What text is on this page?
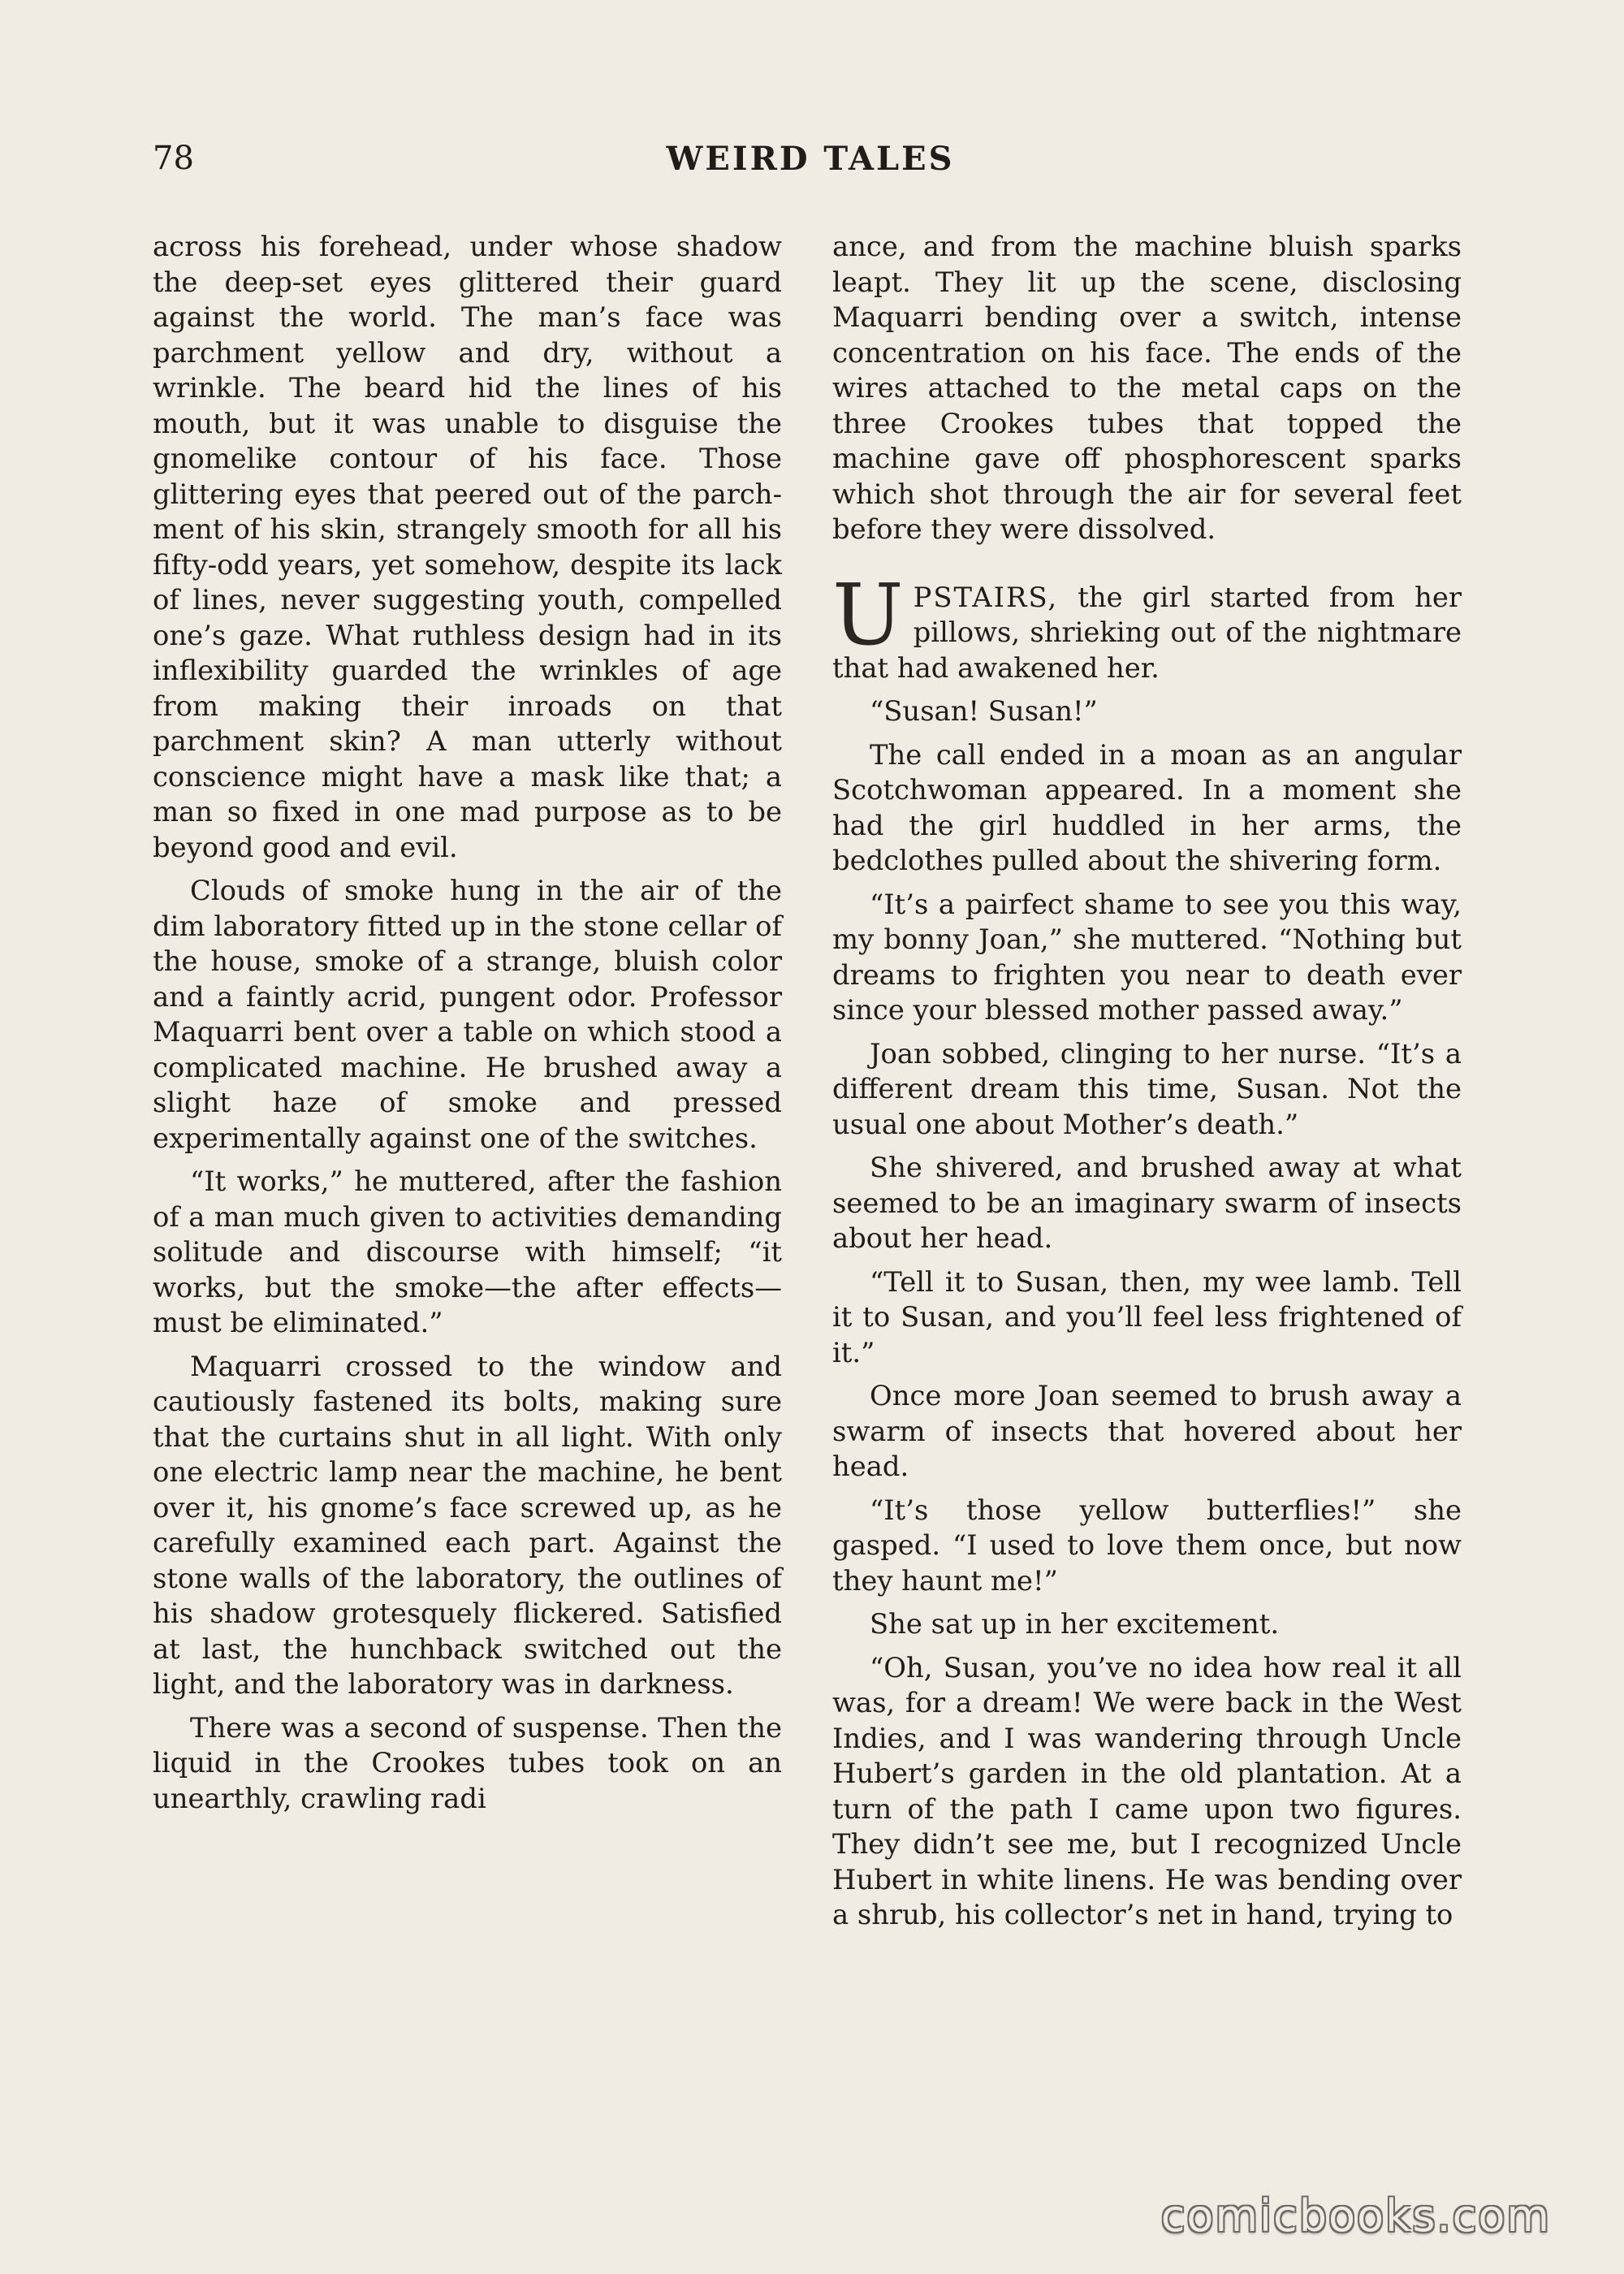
78	WEIRD TALES

across his forehead, under whose shadow the deep-set eyes glittered their guard against the world. The man’s face was parchment yellow and dry, without a wrinkle. The beard hid the lines of his mouth, but it was unable to disguise the gnomelike contour of his face. Those glittering eyes that peered out of the parchment of his skin, strangely smooth for all his fifty-odd years, yet somehow, despite its lack of lines, never suggesting youth, compelled one’s gaze. What ruthless design had in its inflexibility guarded the wrinkles of age from making their inroads on that parchment skin? A man utterly without conscience might have a mask like that; a man so fixed in one mad purpose as to be beyond good and evil.

Clouds of smoke hung in the air of the dim laboratory fitted up in the stone cellar of the house, smoke of a strange, bluish color and a faintly acrid, pungent odor. Professor Maquarri bent over a table on which stood a complicated machine. He brushed away a slight haze of smoke and pressed experimentally against one of the switches.

“It works,” he muttered, after the fashion of a man much given to activities demanding solitude and discourse with himself; “it works, but the smoke—the after effects—must be eliminated.”

Maquarri crossed to the window and cautiously fastened its bolts, making sure that the curtains shut in all light. With only one electric lamp near the machine, he bent over it, his gnome’s face screwed up, as he carefully examined each part. Against the stone walls of the laboratory, the outlines of his shadow grotesquely flickered. Satisfied at last, the hunchback switched out the light, and the laboratory was in darkness.

There was a second of suspense. Then the liquid in the Crookes tubes took on an unearthly, crawling radi

ance, and from the machine bluish sparks leapt. They lit up the scene, disclosing Maquarri bending over a switch, intense concentration on his face. The ends of the wires attached to the metal caps on the three Crookes tubes that topped the machine gave off phosphorescent sparks which shot through the air for several feet before they were dissolved.

UPSTAIRS, the girl started from her pillows, shrieking out of the nightmare that had awakened her.

“Susan! Susan!”

The call ended in a moan as an angular Scotchwoman appeared. In a moment she had the girl huddled in her arms, the bedclothes pulled about the shivering form.

“It’s a pairfect shame to see you this way, my bonny Joan,” she muttered. “Nothing but dreams to frighten you near to death ever since your blessed mother passed away.”

Joan sobbed, clinging to her nurse. “It’s a different dream this time, Susan. Not the usual one about Mother’s death.”

She shivered, and brushed away at what seemed to be an imaginary swarm of insects about her head.

“Tell it to Susan, then, my wee lamb. Tell it to Susan, and you’ll feel less frightened of it.”

Once more Joan seemed to brush away a swarm of insects that hovered about her head.

“It’s those yellow butterflies!” she gasped. “I used to love them once, but now they haunt me!”

She sat up in her excitement.

“Oh, Susan, you’ve no idea how real it all was, for a dream! We were back in the West Indies, and I was wandering through Uncle Hubert’s garden in the old plantation. At a turn of the path I came upon two figures. They didn’t see me, but I recognized Uncle Hubert in white linens. He was bending over a shrub, his collector’s net in hand, trying to

comicbooks.com
